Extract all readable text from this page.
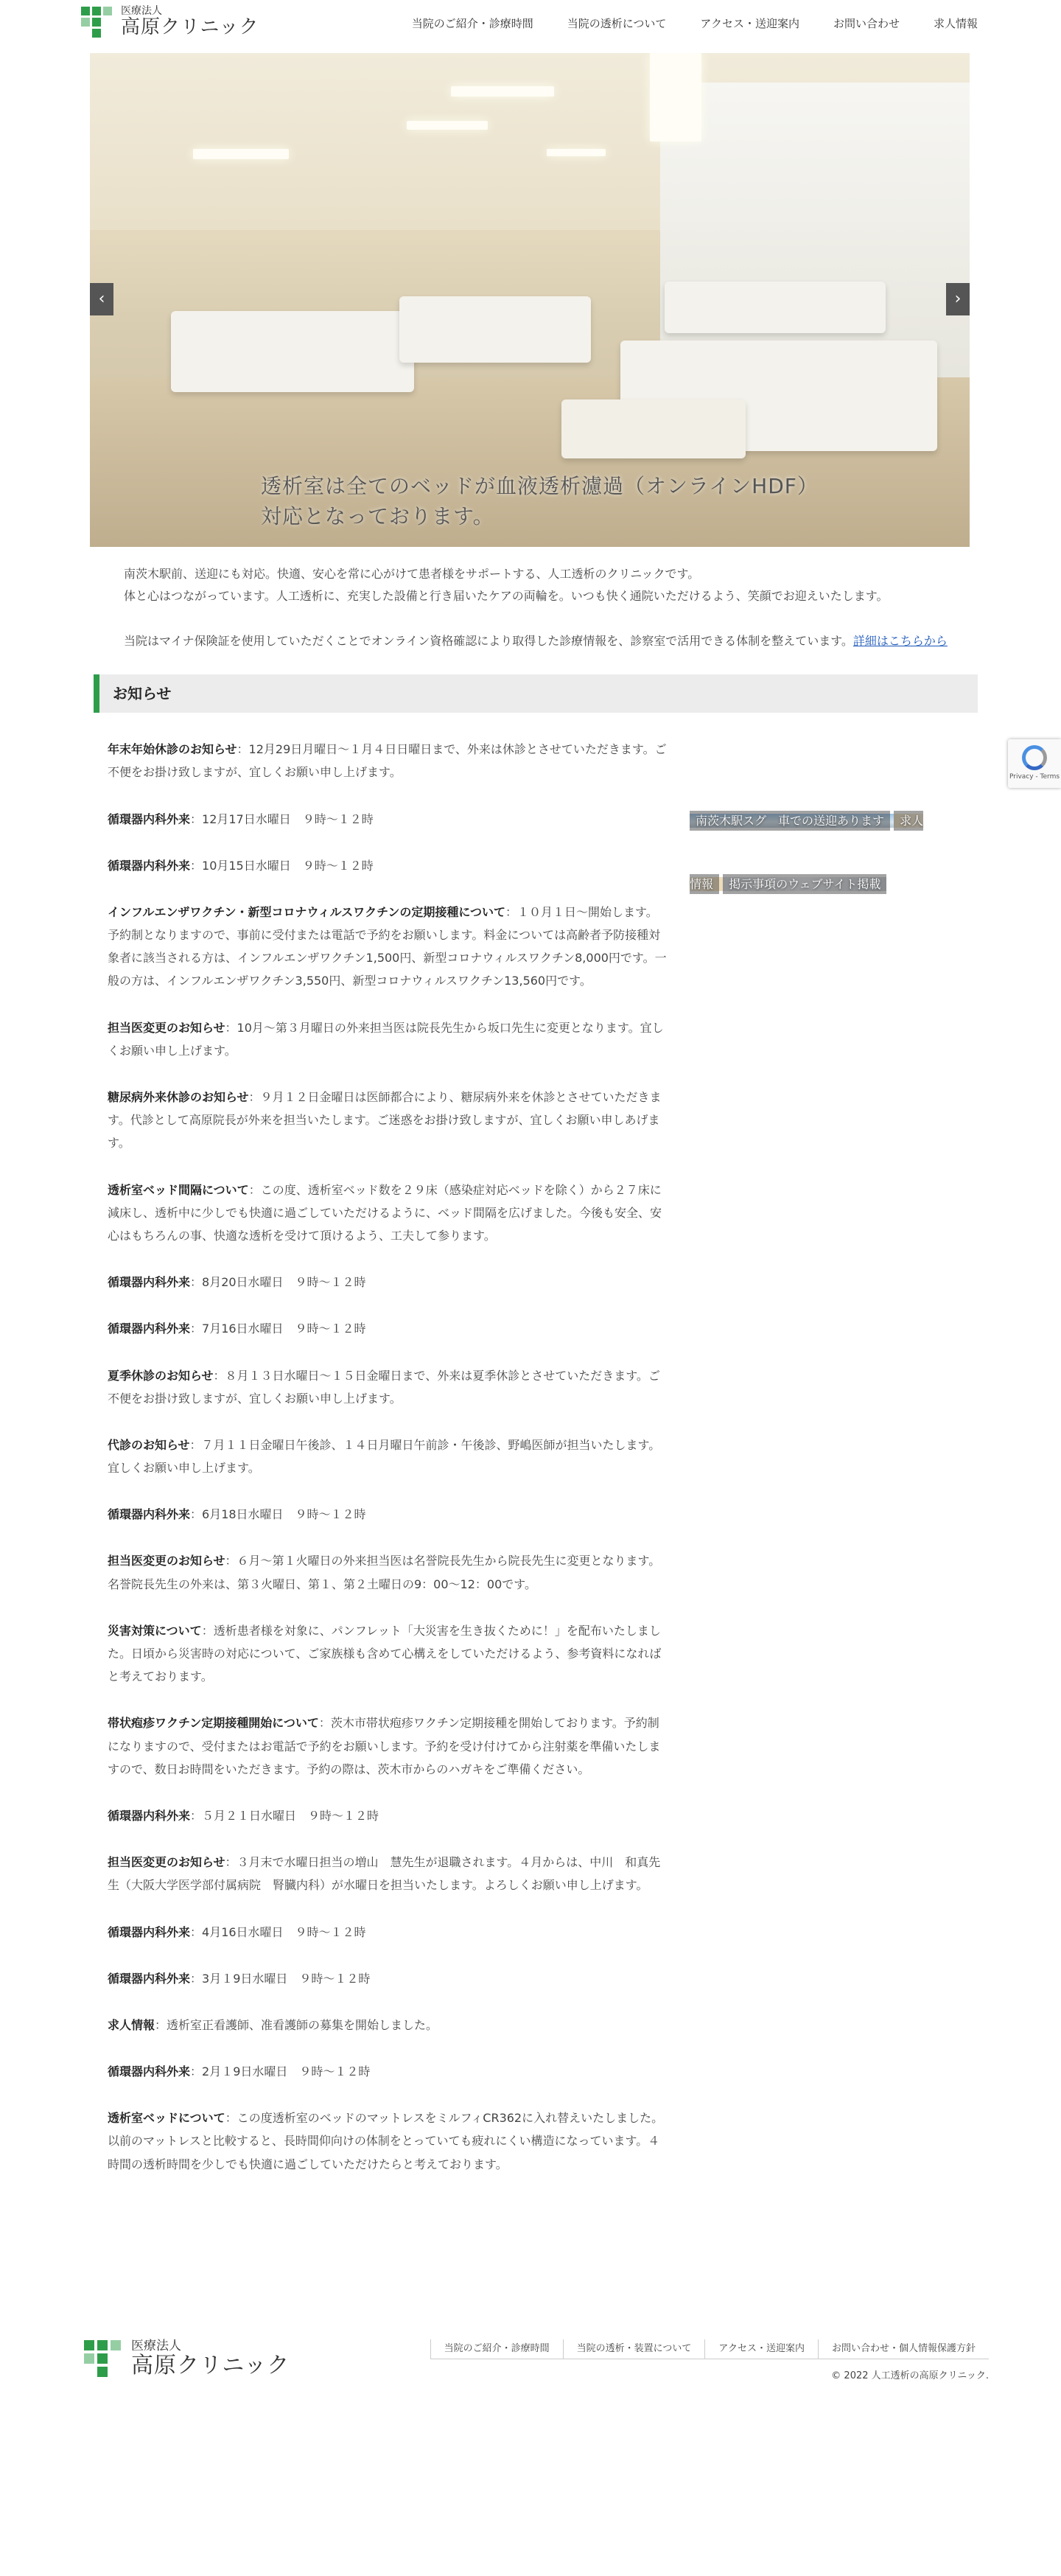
医療法人
高原クリニック	当院のご紹介・診療時間	当院の透析について	アクセス・送迎案内	お問い合わせ	求人情報
透析室は全てのベッドが血液透析濾過（オンラインHDF）
対応となっております。
‹	›

南茨木駅前、送迎にも対応。快適、安心を常に心がけて患者様をサポートする、人工透析のクリニックです。

体と心はつながっています。人工透析に、充実した設備と行き届いたケアの両輪を。いつも快く通院いただけるよう、笑顔でお迎えいたします。

当院はマイナ保険証を使用していただくことでオンライン資格確認により取得した診療情報を、診察室で活用できる体制を整えています。詳細はこちらから

お知らせ

年末年始休診のお知らせ：12月29日月曜日〜１月４日日曜日まで、外来は休診とさせていただきます。ご不便をお掛け致しますが、宜しくお願い申し上げます。

循環器内科外来：12月17日水曜日　９時〜１２時

循環器内科外来：10月15日水曜日　９時〜１２時

インフルエンザワクチン・新型コロナウィルスワクチンの定期接種について：１０月１日〜開始します。予約制となりますので、事前に受付または電話で予約をお願いします。料金については高齢者予防接種対象者に該当される方は、インフルエンザワクチン1,500円、新型コロナウィルスワクチン8,000円です。一般の方は、インフルエンザワクチン3,550円、新型コロナウィルスワクチン13,560円です。

担当医変更のお知らせ：10月〜第３月曜日の外来担当医は院長先生から坂口先生に変更となります。宜しくお願い申し上げます。

糖尿病外来休診のお知らせ：９月１２日金曜日は医師都合により、糖尿病外来を休診とさせていただきます。代診として高原院長が外来を担当いたします。ご迷惑をお掛け致しますが、宜しくお願い申しあげます。

透析室ベッド間隔について：この度、透析室ベッド数を２９床（感染症対応ベッドを除く）から２７床に減床し、透析中に少しでも快適に過ごしていただけるように、ベッド間隔を広げました。今後も安全、安心はもちろんの事、快適な透析を受けて頂けるよう、工夫して参ります。

循環器内科外来：8月20日水曜日　９時〜１２時

循環器内科外来：7月16日水曜日　９時〜１２時

夏季休診のお知らせ：８月１３日水曜日〜１５日金曜日まで、外来は夏季休診とさせていただきます。ご不便をお掛け致しますが、宜しくお願い申し上げます。

代診のお知らせ：７月１１日金曜日午後診、１４日月曜日午前診・午後診、野嶋医師が担当いたします。宜しくお願い申し上げます。

循環器内科外来：6月18日水曜日　９時〜１２時

担当医変更のお知らせ：６月〜第１火曜日の外来担当医は名誉院長先生から院長先生に変更となります。名誉院長先生の外来は、第３火曜日、第１、第２土曜日の9：00〜12：00です。

災害対策について：透析患者様を対象に、パンフレット「大災害を生き抜くために！」を配布いたしました。日頃から災害時の対応について、ご家族様も含めて心構えをしていただけるよう、参考資料になればと考えております。

帯状疱疹ワクチン定期接種開始について：茨木市帯状疱疹ワクチン定期接種を開始しております。予約制になりますので、受付またはお電話で予約をお願いします。予約を受け付けてから注射薬を準備いたしますので、数日お時間をいただきます。予約の際は、茨木市からのハガキをご準備ください。

循環器内科外来：５月２１日水曜日　９時〜１２時

担当医変更のお知らせ：３月末で水曜日担当の増山　慧先生が退職されます。４月からは、中川　和真先生（大阪大学医学部付属病院　腎臓内科）が水曜日を担当いたします。よろしくお願い申し上げます。

循環器内科外来：4月16日水曜日　９時〜１２時

循環器内科外来：3月１9日水曜日　９時〜１２時

求人情報：透析室正看護師、准看護師の募集を開始しました。

循環器内科外来：2月１9日水曜日　９時〜１２時

透析室ベッドについて：この度透析室のベッドのマットレスをミルフィCR362に入れ替えいたしました。以前のマットレスと比較すると、長時間仰向けの体制をとっていても疲れにくい構造になっています。４時間の透析時間を少しでも快適に過ごしていただけたらと考えております。

南茨木駅スグ　車での送迎あります 求人情報 掲示事項のウェブサイト掲載
医療法人
高原クリニック
当院のご紹介・診療時間	当院の透析・装置について	アクセス・送迎案内	お問い合わせ・個人情報保護方針
© 2022 人工透析の高原クリニック.
Privacy - Terms
